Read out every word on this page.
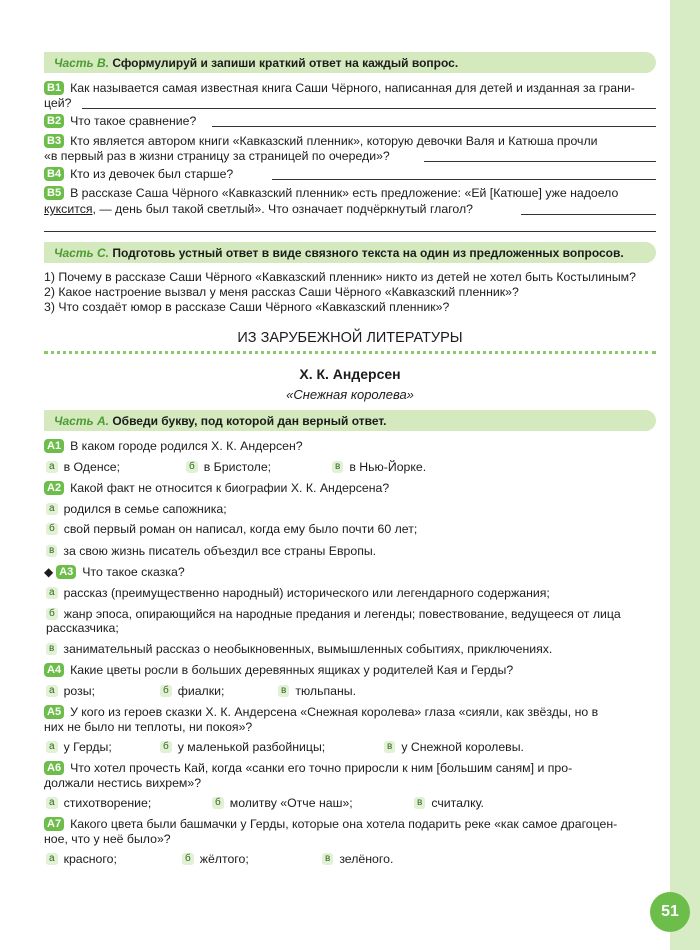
Часть В. Сформулируй и запиши краткий ответ на каждый вопрос.
В1 Как называется самая известная книга Саши Чёрного, написанная для детей и изданная за грани-
цей?
В2 Что такое сравнение?
В3 Кто является автором книги «Кавказский пленник», которую девочки Валя и Катюша прочли
«в первый раз в жизни страницу за страницей по очереди»?
В4 Кто из девочек был старше?
В5 В рассказе Саша Чёрного «Кавказский пленник» есть предложение: «Ей [Катюше] уже надоело
куксится, — день был такой светлый». Что означает подчёркнутый глагол?
Часть С. Подготовь устный ответ в виде связного текста на один из предложенных вопросов.
1) Почему в рассказе Саши Чёрного «Кавказский пленник» никто из детей не хотел быть Костылиным?
2) Какое настроение вызвал у меня рассказ Саши Чёрного «Кавказский пленник»?
3) Что создаёт юмор в рассказе Саши Чёрного «Кавказский пленник»?
ИЗ ЗАРУБЕЖНОЙ ЛИТЕРАТУРЫ
Х. К. Андерсен
«Снежная королева»
Часть А. Обведи букву, под которой дан верный ответ.
А1 В каком городе родился Х. К. Андерсен?
а в Оденсе;	б в Бристоле;	в в Нью-Йорке.
А2 Какой факт не относится к биографии Х. К. Андерсена?
а родился в семье сапожника;
б свой первый роман он написал, когда ему было почти 60 лет;
в за свою жизнь писатель объездил все страны Европы.
◆ А3 Что такое сказка?
а рассказ (преимущественно народный) исторического или легендарного содержания;
б жанр эпоса, опирающийся на народные предания и легенды; повествование, ведущееся от лица
рассказчика;
в занимательный рассказ о необыкновенных, вымышленных событиях, приключениях.
А4 Какие цветы росли в больших деревянных ящиках у родителей Кая и Герды?
а розы;	б фиалки;	в тюльпаны.
А5 У кого из героев сказки Х. К. Андерсена «Снежная королева» глаза «сияли, как звёзды, но в
них не было ни теплоты, ни покоя»?
а у Герды;	б у маленькой разбойницы;	в у Снежной королевы.
А6 Что хотел прочесть Кай, когда «санки его точно приросли к ним [большим саням] и про-
должали нестись вихрем»?
а стихотворение;	б молитву «Отче наш»;	в считалку.
А7 Какого цвета были башмачки у Герды, которые она хотела подарить реке «как самое драгоцен-
ное, что у неё было»?
а красного;	б жёлтого;	в зелёного.
51
